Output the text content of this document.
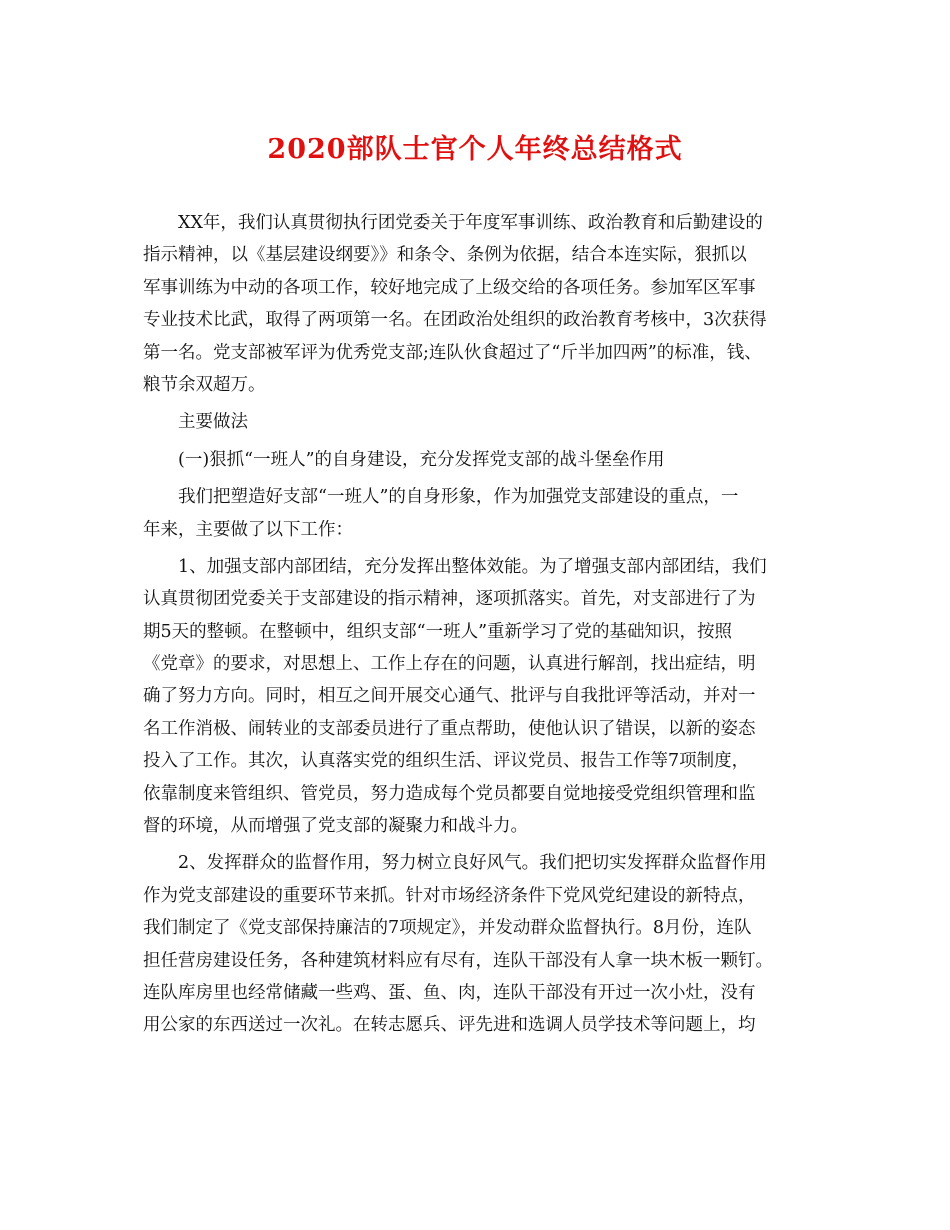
2020部队士官个人年终总结格式
XX年，我们认真贯彻执行团党委关于年度军事训练、政治教育和后勤建设的
指示精神，以《基层建设纲要》》和条令、条例为依据，结合本连实际，狠抓以
军事训练为中动的各项工作，较好地完成了上级交给的各项任务。参加军区军事
专业技术比武，取得了两项第一名。在团政治处组织的政治教育考核中，3次获得
第一名。党支部被军评为优秀党支部;连队伙食超过了“斤半加四两”的标准，钱、
粮节余双超万。
主要做法
(一)狠抓“一班人”的自身建设，充分发挥党支部的战斗堡垒作用
我们把塑造好支部“一班人”的自身形象，作为加强党支部建设的重点，一
年来，主要做了以下工作：
1、加强支部内部团结，充分发挥出整体效能。为了增强支部内部团结，我们
认真贯彻团党委关于支部建设的指示精神，逐项抓落实。首先，对支部进行了为
期5天的整顿。在整顿中，组织支部“一班人”重新学习了党的基础知识，按照
《党章》的要求，对思想上、工作上存在的问题，认真进行解剖，找出症结，明
确了努力方向。同时，相互之间开展交心通气、批评与自我批评等活动，并对一
名工作消极、闹转业的支部委员进行了重点帮助，使他认识了错误，以新的姿态
投入了工作。其次，认真落实党的组织生活、评议党员、报告工作等7项制度，
依靠制度来管组织、管党员，努力造成每个党员都要自觉地接受党组织管理和监
督的环境，从而增强了党支部的凝聚力和战斗力。
2、发挥群众的监督作用，努力树立良好风气。我们把切实发挥群众监督作用
作为党支部建设的重要环节来抓。针对市场经济条件下党风党纪建设的新特点，
我们制定了《党支部保持廉洁的7项规定》，并发动群众监督执行。8月份，连队
担任营房建设任务，各种建筑材料应有尽有，连队干部没有人拿一块木板一颗钉。
连队库房里也经常储藏一些鸡、蛋、鱼、肉，连队干部没有开过一次小灶，没有
用公家的东西送过一次礼。在转志愿兵、评先进和选调人员学技术等问题上，均
